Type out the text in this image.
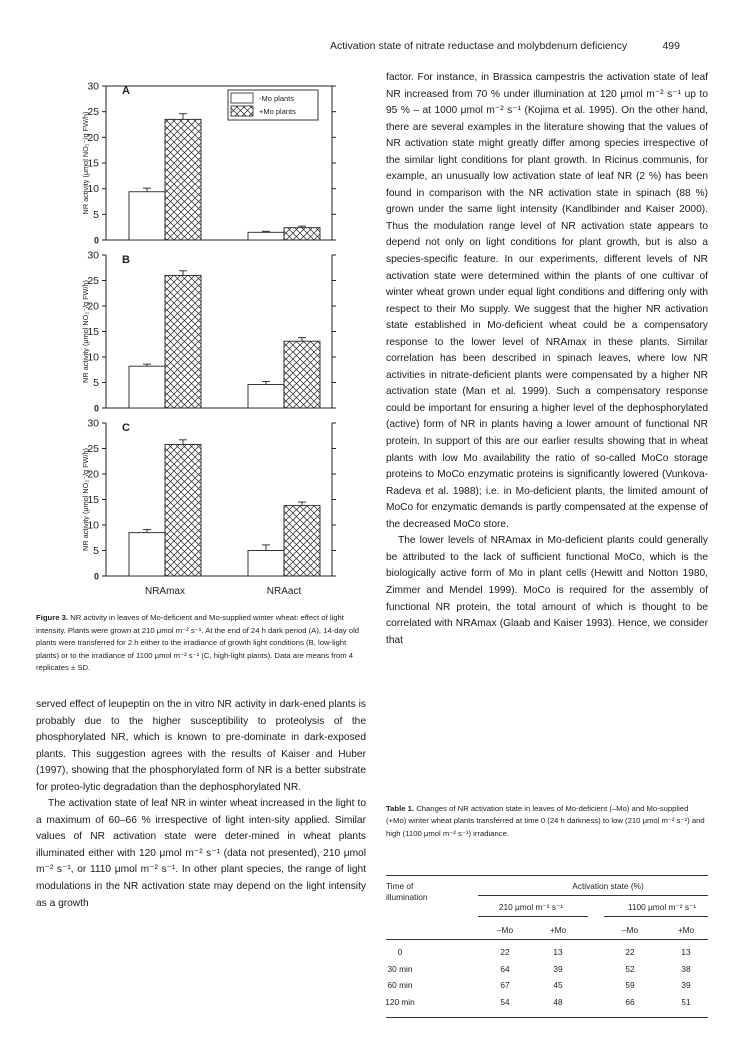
Activation state of nitrate reductase and molybdenum deficiency	499
0
5
10
15
20
25
30 A
NR activity (μmol NO₂⁻/g FW/h)
0
5
10
15
20
25
30 B
NR activity (μmol NO₂⁻/g FW/h)
0
5
10
15
20
25
30 C
NR activity (μmol NO₂⁻/g FW/h)
NRAmax	NRAact
-Mo plants
+Mo plants

Figure 3. NR activity in leaves of Mo-deficient and Mo-supplied winter wheat: effect of light intensity. Plants were grown at 210 μmol m⁻² s⁻¹. At the end of 24 h dark period (A), 14-day old plants were transferred for 2 h either to the irradiance of growth light conditions (B, low-light plants) or to the irradiance of 1100 μmol m⁻² s⁻¹ (C, high-light plants). Data are means from 4 replicates ± SD.

factor. For instance, in Brassica campestris the activation state of leaf NR increased from 70 % under illumination at 120 μmol m⁻² s⁻¹ up to 95 % – at 1000 μmol m⁻² s⁻¹ (Kojima et al. 1995). On the other hand, there are several examples in the literature showing that the values of NR activation state might greatly differ among species irrespective of the similar light conditions for plant growth. In Ricinus communis, for example, an unusually low activation state of leaf NR (2 %) has been found in comparison with the NR activation state in spinach (88 %) grown under the same light intensity (Kandlbinder and Kaiser 2000). Thus the modulation range level of NR activation state appears to depend not only on light conditions for plant growth, but is also a species-specific feature. In our experiments, different levels of NR activation state were determined within the plants of one cultivar of winter wheat grown under equal light conditions and differing only with respect to their Mo supply. We suggest that the higher NR activation state established in Mo-deficient wheat could be a compensatory response to the lower level of NRAmax in these plants. Similar correlation has been described in spinach leaves, where low NR activities in nitrate-deficient plants were compensated by a higher NR activation state (Man et al. 1999). Such a compensatory response could be important for ensuring a higher level of the dephosphorylated (active) form of NR in plants having a lower amount of functional NR protein. In support of this are our earlier results showing that in wheat plants with low Mo availability the ratio of so-called MoCo storage proteins to MoCo enzymatic proteins is significantly lowered (Vunkova-Radeva et al. 1988); i.e. in Mo-deficient plants, the limited amount of MoCo for enzymatic demands is partly compensated at the expense of the decreased MoCo store.

The lower levels of NRAmax in Mo-deficient plants could generally be attributed to the lack of sufficient functional MoCo, which is the biologically active form of Mo in plant cells (Hewitt and Notton 1980, Zimmer and Mendel 1999). MoCo is required for the assembly of functional NR protein, the total amount of which is thought to be correlated with NRAmax (Glaab and Kaiser 1993). Hence, we consider that

served effect of leupeptin on the in vitro NR activity in dark-ened plants is probably due to the higher susceptibility to proteolysis of the phosphorylated NR, which is known to pre-dominate in dark-exposed plants. This suggestion agrees with the results of Kaiser and Huber (1997), showing that the phosphorylated form of NR is a better substrate for proteo-lytic degradation than the dephosphorylated NR.

The activation state of leaf NR in winter wheat increased in the light to a maximum of 60–66 % irrespective of light inten-sity applied. Similar values of NR activation state were deter-mined in wheat plants illuminated either with 120 μmol m⁻² s⁻¹ (data not presented), 210 μmol m⁻² s⁻¹, or 1110 μmol m⁻² s⁻¹. In other plant species, the range of light modulations in the NR activation state may depend on the light intensity as a growth

Table 1. Changes of NR activation state in leaves of Mo-deficient (–Mo) and Mo-supplied (+Mo) winter wheat plants transferred at time 0 (24 h darkness) to low (210 μmol m⁻² s⁻¹) and high (1100 μmol m⁻² s⁻¹) irradiance.

Time of illumination
Activation state (%)
210 μmol m⁻² s⁻¹	1100 μmol m⁻² s⁻¹
–Mo	+Mo	–Mo	+Mo
0	22	13	22	13
30 min	64	39	52	38
60 min	67	45	59	39
120 min	54	48	66	51
